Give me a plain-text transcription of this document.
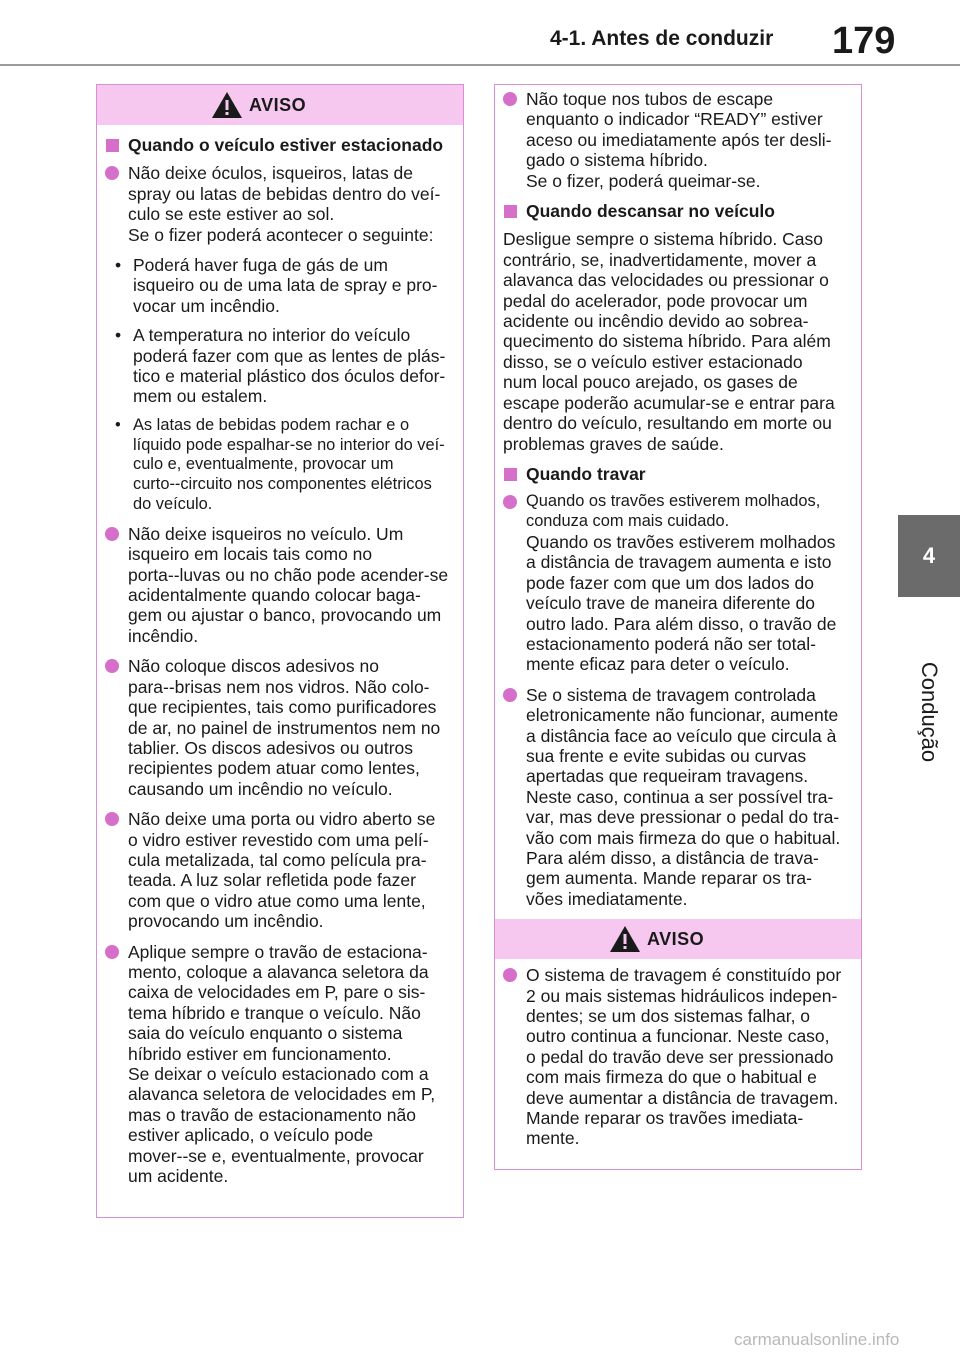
4-1. Antes de conduzir 179
4
Condução
AVISO
Quando o veículo estiver estacionado

Não deixe óculos, isqueiros, latas de
spray ou latas de bebidas dentro do veí-
culo se este estiver ao sol.
Se o fizer poderá acontecer o seguinte:

• Poderá haver fuga de gás de um
isqueiro ou de uma lata de spray e pro-
vocar um incêndio.

• A temperatura no interior do veículo
poderá fazer com que as lentes de plás-
tico e material plástico dos óculos defor-
mem ou estalem.

• As latas de bebidas podem rachar e o
líquido pode espalhar-se no interior do veí-
culo e, eventualmente, provocar um
curto--circuito nos componentes elétricos
do veículo.

Não deixe isqueiros no veículo. Um
isqueiro em locais tais como no
porta--luvas ou no chão pode acender-se
acidentalmente quando colocar baga-
gem ou ajustar o banco, provocando um
incêndio.

Não coloque discos adesivos no
para--brisas nem nos vidros. Não colo-
que recipientes, tais como purificadores
de ar, no painel de instrumentos nem no
tablier. Os discos adesivos ou outros
recipientes podem atuar como lentes,
causando um incêndio no veículo.

Não deixe uma porta ou vidro aberto se
o vidro estiver revestido com uma pelí-
cula metalizada, tal como película pra-
teada. A luz solar refletida pode fazer
com que o vidro atue como uma lente,
provocando um incêndio.

Aplique sempre o travão de estaciona-
mento, coloque a alavanca seletora da
caixa de velocidades em P, pare o sis-
tema híbrido e tranque o veículo. Não
saia do veículo enquanto o sistema
híbrido estiver em funcionamento.
Se deixar o veículo estacionado com a
alavanca seletora de velocidades em P,
mas o travão de estacionamento não
estiver aplicado, o veículo pode
mover--se e, eventualmente, provocar
um acidente.

Não toque nos tubos de escape
enquanto o indicador “READY” estiver
aceso ou imediatamente após ter desli-
gado o sistema híbrido.
Se o fizer, poderá queimar-se.

Quando descansar no veículo

Desligue sempre o sistema híbrido. Caso
contrário, se, inadvertidamente, mover a
alavanca das velocidades ou pressionar o
pedal do acelerador, pode provocar um
acidente ou incêndio devido ao sobrea-
quecimento do sistema híbrido. Para além
disso, se o veículo estiver estacionado
num local pouco arejado, os gases de
escape poderão acumular-se e entrar para
dentro do veículo, resultando em morte ou
problemas graves de saúde.

Quando travar

Quando os travões estiverem molhados,
conduza com mais cuidado.

Quando os travões estiverem molhados
a distância de travagem aumenta e isto
pode fazer com que um dos lados do
veículo trave de maneira diferente do
outro lado. Para além disso, o travão de
estacionamento poderá não ser total-
mente eficaz para deter o veículo.

Se o sistema de travagem controlada
eletronicamente não funcionar, aumente
a distância face ao veículo que circula à
sua frente e evite subidas ou curvas
apertadas que requeiram travagens.
Neste caso, continua a ser possível tra-
var, mas deve pressionar o pedal do tra-
vão com mais firmeza do que o habitual.
Para além disso, a distância de trava-
gem aumenta. Mande reparar os tra-
vões imediatamente.

AVISO

O sistema de travagem é constituído por
2 ou mais sistemas hidráulicos indepen-
dentes; se um dos sistemas falhar, o
outro continua a funcionar. Neste caso,
o pedal do travão deve ser pressionado
com mais firmeza do que o habitual e
deve aumentar a distância de travagem.
Mande reparar os travões imediata-
mente.

carmanualsonline.info
